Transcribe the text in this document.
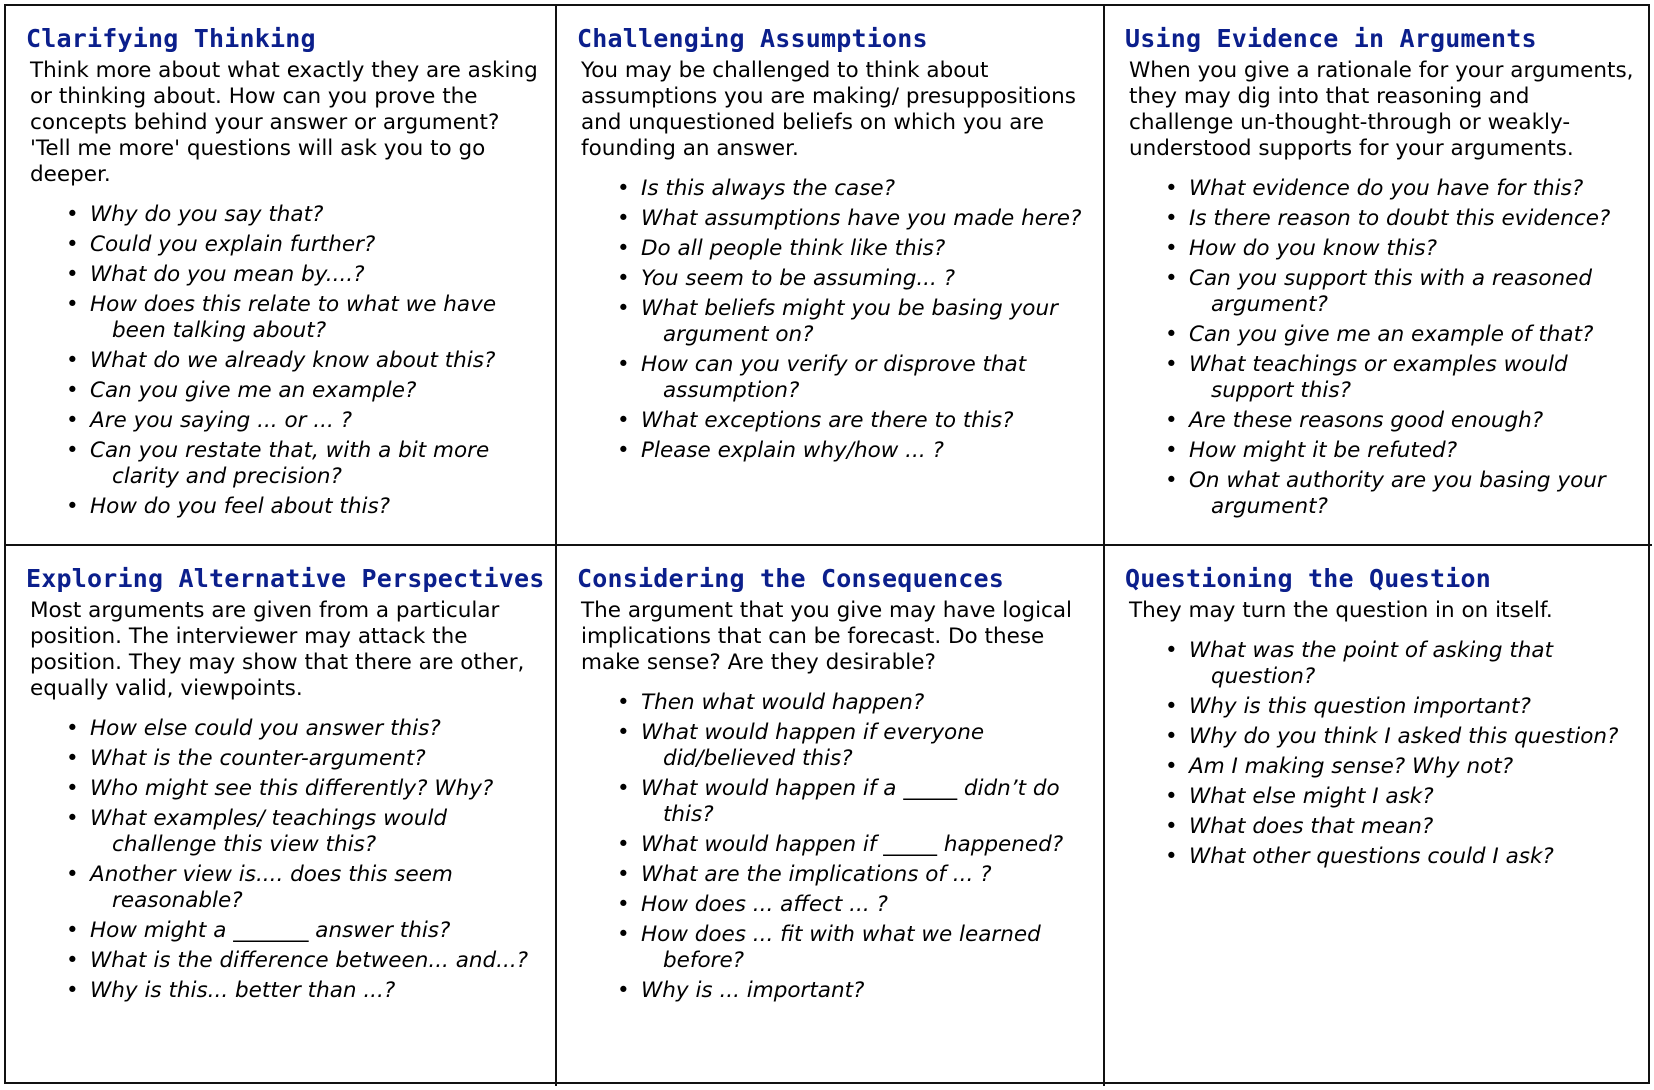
Clarifying Thinking
Think more about what exactly they are asking or thinking about. How can you prove the concepts behind your answer or argument? 'Tell me more' questions will ask you to go deeper.
• Why do you say that?
• Could you explain further?
• What do you mean by....?
• How does this relate to what we have been talking about?
• What do we already know about this?
• Can you give me an example?
• Are you saying ... or ... ?
• Can you restate that, with a bit more clarity and precision?
• How do you feel about this?
Challenging Assumptions
You may be challenged to think about assumptions you are making/ presuppositions and unquestioned beliefs on which you are founding an answer.
• Is this always the case?
• What assumptions have you made here?
• Do all people think like this?
• You seem to be assuming... ?
• What beliefs might you be basing your argument on?
• How can you verify or disprove that assumption?
• What exceptions are there to this?
• Please explain why/how ... ?
Using Evidence in Arguments
When you give a rationale for your arguments, they may dig into that reasoning and challenge un-thought-through or weakly-understood supports for your arguments.
• What evidence do you have for this?
• Is there reason to doubt this evidence?
• How do you know this?
• Can you support this with a reasoned argument?
• Can you give me an example of that?
• What teachings or examples would support this?
• Are these reasons good enough?
• How might it be refuted?
• On what authority are you basing your argument?
Exploring Alternative Perspectives
Most arguments are given from a particular position. The interviewer may attack the position. They may show that there are other, equally valid, viewpoints.
• How else could you answer this?
• What is the counter-argument?
• Who might see this differently? Why?
• What examples/ teachings would challenge this view this?
• Another view is.... does this seem reasonable?
• How might a _______ answer this?
• What is the difference between... and...?
• Why is this... better than ...?
Considering the Consequences
The argument that you give may have logical implications that can be forecast. Do these make sense? Are they desirable?
• Then what would happen?
• What would happen if everyone did/believed this?
• What would happen if a _____ didn’t do this?
• What would happen if _____ happened?
• What are the implications of ... ?
• How does ... affect ... ?
• How does ... fit with what we learned before?
• Why is ... important?
Questioning the Question
They may turn the question in on itself.
• What was the point of asking that question?
• Why is this question important?
• Why do you think I asked this question?
• Am I making sense? Why not?
• What else might I ask?
• What does that mean?
• What other questions could I ask?
